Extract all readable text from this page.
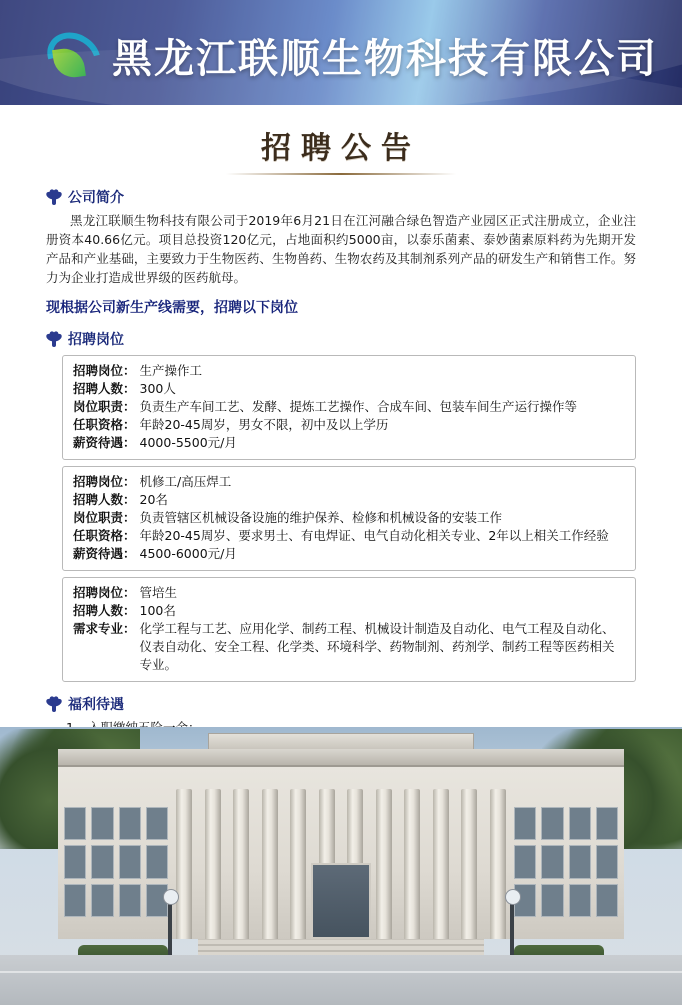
黑龙江联顺生物科技有限公司
招聘公告
公司简介
黑龙江联顺生物科技有限公司于2019年6月21日在江河融合绿色智造产业园区正式注册成立，企业注册资本40.66亿元。项目总投资120亿元，占地面积约5000亩，以泰乐菌素、泰妙菌素原料药为先期开发产品和产业基础，主要致力于生物医药、生物兽药、生物农药及其制剂系列产品的研发生产和销售工作。努力为企业打造成世界级的医药航母。
现根据公司新生产线需要，招聘以下岗位
招聘岗位
招聘岗位： 生产操作工
招聘人数： 300人
岗位职责： 负责生产车间工艺、发酵、提炼工艺操作、合成车间、包装车间生产运行操作等
任职资格： 年龄20-45周岁，男女不限，初中及以上学历
薪资待遇： 4000-5500元/月
招聘岗位： 机修工/高压焊工
招聘人数： 20名
岗位职责： 负责管辖区机械设备设施的维护保养、检修和机械设备的安装工作
任职资格： 年龄20-45周岁、要求男士、有电焊证、电气自动化相关专业、2年以上相关工作经验
薪资待遇： 4500-6000元/月
招聘岗位： 管培生
招聘人数： 100名
需求专业： 化学工程与工艺、应用化学、制药工程、机械设计制造及自动化、电气工程及自动化、仪表自动化、安全工程、化学类、环境科学、药物制剂、药剂学、制药工程等医药相关专业。
福利待遇
